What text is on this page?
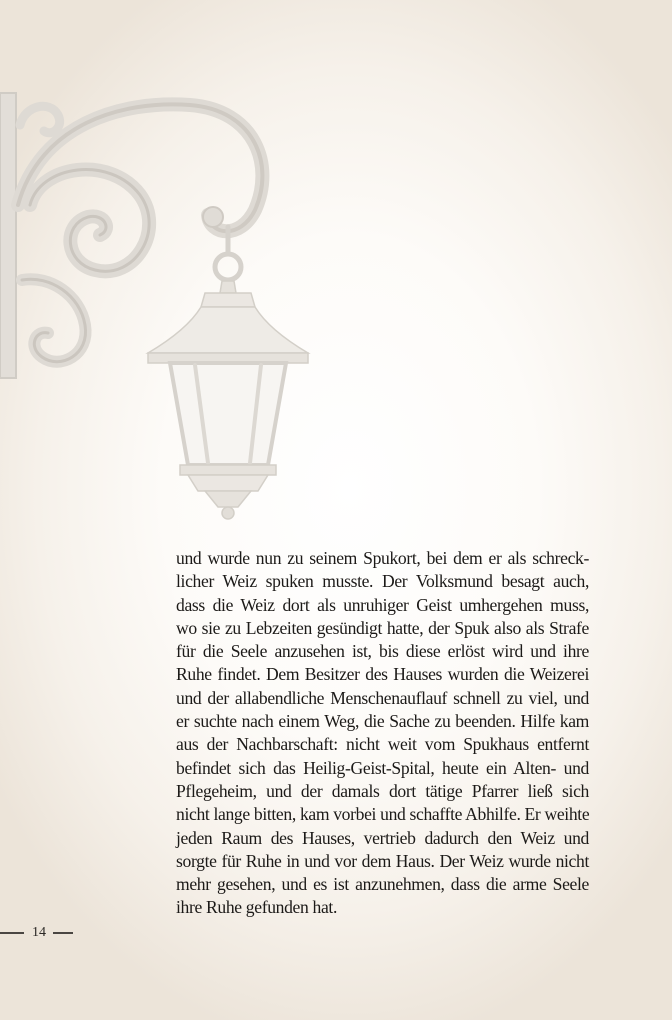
und wurde nun zu seinem Spukort, bei dem er als schreck-
licher Weiz spuken musste. Der Volksmund besagt auch,
dass die Weiz dort als unruhiger Geist umhergehen muss,
wo sie zu Lebzeiten gesündigt hatte, der Spuk also als Strafe
für die Seele anzusehen ist, bis diese erlöst wird und ihre
Ruhe findet. Dem Besitzer des Hauses wurden die Weizerei
und der allabendliche Menschenauflauf schnell zu viel, und
er suchte nach einem Weg, die Sache zu beenden. Hilfe kam
aus der Nachbarschaft: nicht weit vom Spukhaus entfernt
befindet sich das Heilig-Geist-Spital, heute ein Alten- und
Pflegeheim, und der damals dort tätige Pfarrer ließ sich
nicht lange bitten, kam vorbei und schaffte Abhilfe. Er weihte
jeden Raum des Hauses, vertrieb dadurch den Weiz und
sorgte für Ruhe in und vor dem Haus. Der Weiz wurde nicht
mehr gesehen, und es ist anzunehmen, dass die arme Seele
ihre Ruhe gefunden hat.
14
